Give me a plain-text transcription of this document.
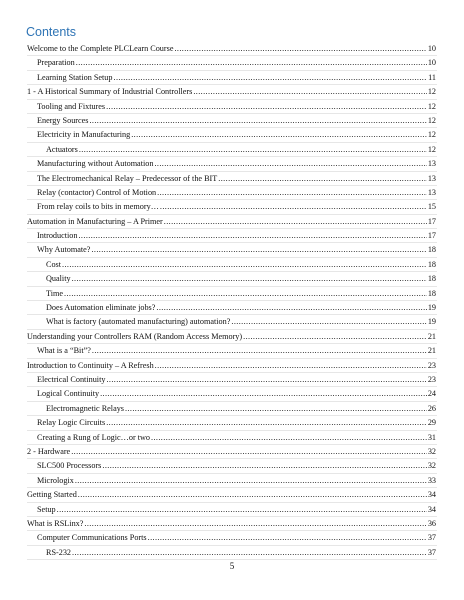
Contents
Welcome to the Complete PLCLearn Course .....	10
Preparation .....	10
Learning Station Setup .....	11
1 - A Historical Summary of Industrial Controllers .....	12
Tooling and Fixtures .....	12
Energy Sources .....	12
Electricity in Manufacturing .....	12
Actuators .....	12
Manufacturing without Automation .....	13
The Electromechanical Relay – Predecessor of the BIT .....	13
Relay (contactor) Control of Motion .....	13
From relay coils to bits in memory… .....	15
Automation in Manufacturing – A Primer .....	17
Introduction .....	17
Why Automate? .....	18
Cost .....	18
Quality .....	18
Time .....	18
Does Automation eliminate jobs? .....	19
What is factory (automated manufacturing) automation? .....	19
Understanding your Controllers RAM (Random Access Memory) .....	21
What is a “Bit”? .....	21
Introduction to Continuity – A Refresh .....	23
Electrical Continuity .....	23
Logical Continuity .....	24
Electromagnetic Relays .....	26
Relay Logic Circuits .....	29
Creating a Rung of Logic…or two .....	31
2 - Hardware .....	32
SLC500 Processors .....	32
Micrologix .....	33
Getting Started .....	34
Setup .....	34
What is RSLinx? .....	36
Computer Communications Ports .....	37
RS-232 .....	37
5
